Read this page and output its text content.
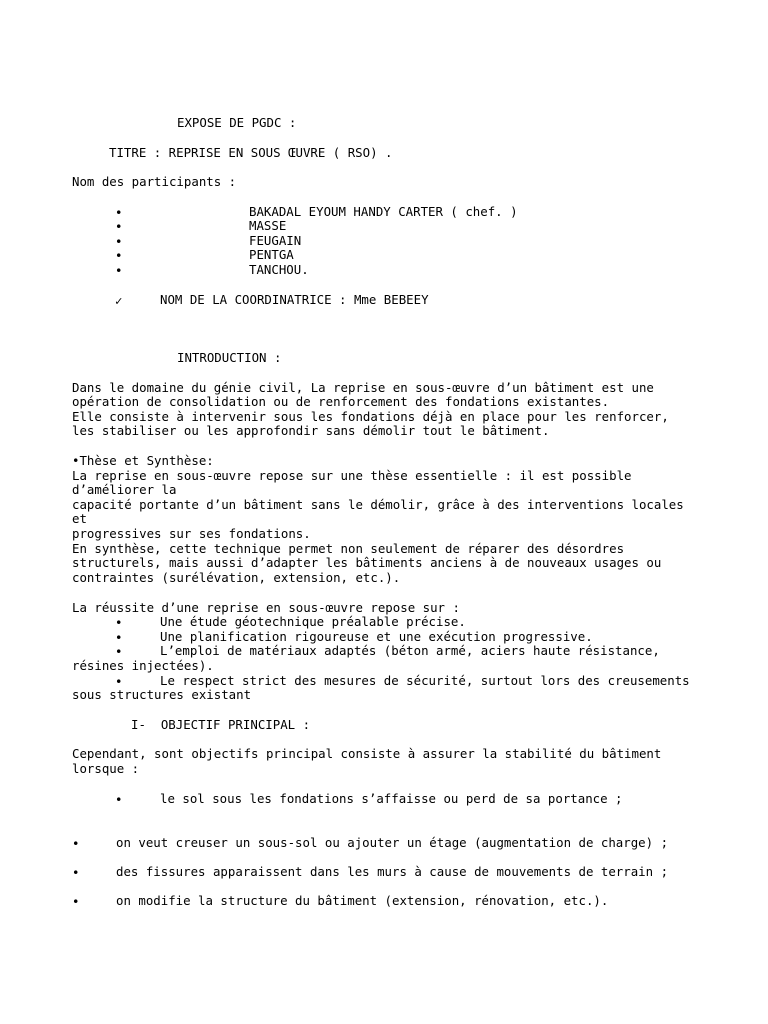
EXPOSE DE PGDC :
TITRE : REPRISE EN SOUS ŒUVRE ( RSO) .
Nom des participants :
•	BAKADAL EYOUM HANDY CARTER ( chef. )
•	MASSE
•	FEUGAIN
•	PENTGA
•	TANCHOU.
✓	NOM DE LA COORDINATRICE : Mme BEBEEY
INTRODUCTION :
Dans le domaine du génie civil, La reprise en sous-œuvre d’un bâtiment est une
opération de consolidation ou de renforcement des fondations existantes.
Elle consiste à intervenir sous les fondations déjà en place pour les renforcer,
les stabiliser ou les approfondir sans démolir tout le bâtiment.
•Thèse et Synthèse:
La reprise en sous-œuvre repose sur une thèse essentielle : il est possible
d’améliorer la
capacité portante d’un bâtiment sans le démolir, grâce à des interventions locales
et
progressives sur ses fondations.
En synthèse, cette technique permet non seulement de réparer des désordres
structurels, mais aussi d’adapter les bâtiments anciens à de nouveaux usages ou
contraintes (surélévation, extension, etc.).
La réussite d’une reprise en sous-œuvre repose sur :
•	Une étude géotechnique préalable précise.
•	Une planification rigoureuse et une exécution progressive.
•	L’emploi de matériaux adaptés (béton armé, aciers haute résistance,
résines injectées).
•	Le respect strict des mesures de sécurité, surtout lors des creusements
sous structures existant
I-  OBJECTIF PRINCIPAL :
Cependant, sont objectifs principal consiste à assurer la stabilité du bâtiment
lorsque :
•	le sol sous les fondations s’affaisse ou perd de sa portance ;
•	on veut creuser un sous-sol ou ajouter un étage (augmentation de charge) ;
•	des fissures apparaissent dans les murs à cause de mouvements de terrain ;
•	on modifie la structure du bâtiment (extension, rénovation, etc.).
